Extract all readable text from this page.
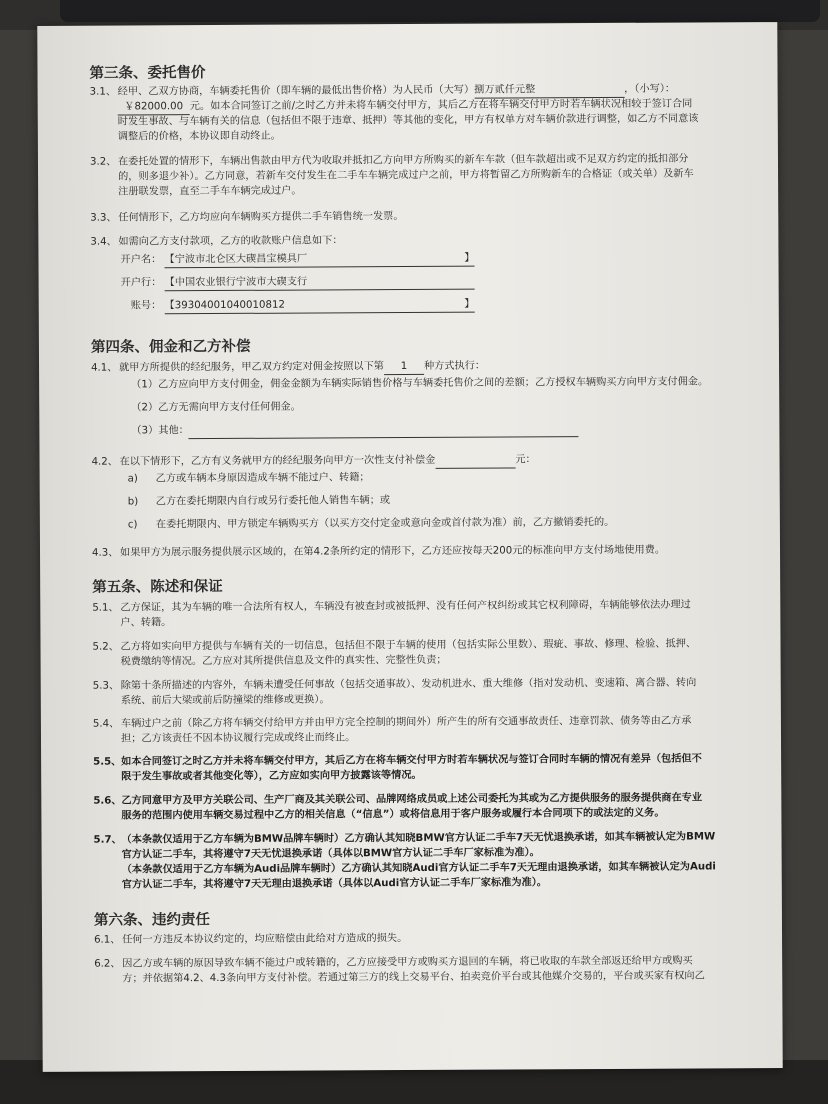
第三条、委托售价
3.1、 经甲、乙双方协商，车辆委托售价（即车辆的最低出售价格）为人民币（大写）捌万贰仟元整	，（小写）：
￥82000.00 元。如本合同签订之前/之时乙方并未将车辆交付甲方，其后乙方在将车辆交付甲方时若车辆状况相较于签订合同
时发生事故、与车辆有关的信息（包括但不限于违章、抵押）等其他的变化，甲方有权单方对车辆价款进行调整，如乙方不同意该
调整后的价格，本协议即自动终止。
3.2、 在委托处置的情形下，车辆出售款由甲方代为收取并抵扣乙方向甲方所购买的新车车款（但车款超出或不足双方约定的抵扣部分
的，则多退少补）。乙方同意，若新车交付发生在二手车车辆完成过户之前，甲方将暂留乙方所购新车的合格证（或关单）及新车
注册联发票，直至二手车车辆完成过户。
3.3、 任何情形下，乙方均应向车辆购买方提供二手车销售统一发票。
3.4、 如需向乙方支付款项，乙方的收款账户信息如下：
开户名： 【宁波市北仑区大碶昌宝模具厂	】
开户行： 【中国农业银行宁波市大碶支行
账号： 【39304001040010812	】
第四条、佣金和乙方补偿
4.1、 就甲方所提供的经纪服务，甲乙双方约定对佣金按照以下第 1 种方式执行：
（1）乙方应向甲方支付佣金，佣金金额为车辆实际销售价格与车辆委托售价之间的差额；乙方授权车辆购买方向甲方支付佣金。
（2）乙方无需向甲方支付任何佣金。
（3）其他：
4.2、 在以下情形下，乙方有义务就甲方的经纪服务向甲方一次性支付补偿金	元：
a) 乙方或车辆本身原因造成车辆不能过户、转籍；
b) 乙方在委托期限内自行或另行委托他人销售车辆；或
c) 在委托期限内、甲方锁定车辆购买方（以买方交付定金或意向金或首付款为准）前，乙方撤销委托的。
4.3、 如果甲方为展示服务提供展示区域的，在第4.2条所约定的情形下，乙方还应按每天200元的标准向甲方支付场地使用费。
第五条、陈述和保证
5.1、 乙方保证，其为车辆的唯一合法所有权人，车辆没有被查封或被抵押、没有任何产权纠纷或其它权利障碍，车辆能够依法办理过
户、转籍。
5.2、 乙方将如实向甲方提供与车辆有关的一切信息，包括但不限于车辆的使用（包括实际公里数）、瑕疵、事故、修理、检验、抵押、
税费缴纳等情况。乙方应对其所提供信息及文件的真实性、完整性负责；
5.3、 除第十条所描述的内容外，车辆未遭受任何事故（包括交通事故）、发动机进水、重大维修（指对发动机、变速箱、离合器、转向
系统、前后大梁或前后防撞梁的维修或更换）。
5.4、 车辆过户之前（除乙方将车辆交付给甲方并由甲方完全控制的期间外）所产生的所有交通事故责任、违章罚款、债务等由乙方承
担；乙方该责任不因本协议履行完成或终止而终止。
5.5、 如本合同签订之时乙方并未将车辆交付甲方，其后乙方在将车辆交付甲方时若车辆状况与签订合同时车辆的情况有差异（包括但不
限于发生事故或者其他变化等），乙方应如实向甲方披露该等情况。
5.6、 乙方同意甲方及甲方关联公司、生产厂商及其关联公司、品牌网络成员或上述公司委托为其或为乙方提供服务的服务提供商在专业
服务的范围内使用车辆交易过程中乙方的相关信息（“信息”）或将信息用于客户服务或履行本合同项下的或法定的义务。
5.7、 （本条款仅适用于乙方车辆为BMW品牌车辆时）乙方确认其知晓BMW官方认证二手车7天无忧退换承诺，如其车辆被认定为BMW
官方认证二手车，其将遵守7天无忧退换承诺（具体以BMW官方认证二手车厂家标准为准）。
（本条款仅适用于乙方车辆为Audi品牌车辆时）乙方确认其知晓Audi官方认证二手车7天无理由退换承诺，如其车辆被认定为Audi
官方认证二手车，其将遵守7天无理由退换承诺（具体以Audi官方认证二手车厂家标准为准）。
第六条、违约责任
6.1、 任何一方违反本协议约定的，均应赔偿由此给对方造成的损失。
6.2、 因乙方或车辆的原因导致车辆不能过户或转籍的，乙方应接受甲方或购买方退回的车辆，将已收取的车款全部返还给甲方或购买
方；并依据第4.2、4.3条向甲方支付补偿。若通过第三方的线上交易平台、拍卖竞价平台或其他媒介交易的，平台或买家有权向乙
